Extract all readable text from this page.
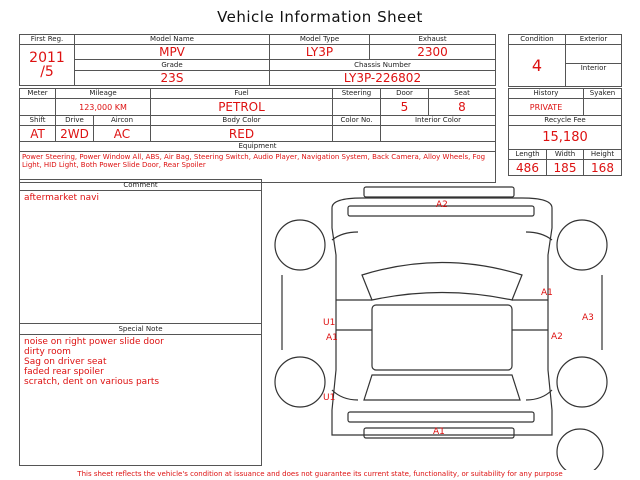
Vehicle Information Sheet
First Reg.	Model Name	Model Type	Exhaust

2011
/5	MPV	LY3P	2300
	Grade	Chassis Number	
	23S	LY3P-226802	
Condition	Exterior
4	
	Interior
Meter	Mileage		Fuel	Steering	Door	Seat
	123,000 KM		PETROL		5	8
Shift	Drive	Aircon	Body Color	Color No.	Interior Color	
AT	2WD	AC	RED			
Equipment						

Power Steering, Power Window All, ABS, Air Bag, Steering Switch, Audio Player, Navigation System, Back Camera, Alloy Wheels, Fog Light, HID Light, Both Power Slide Door, Rear Spoiler						
History		Syaken
PRIVATE		
Recycle Fee		
15,180		
Length	Width	Height
486	185	168
Comment
aftermarket navi
Special Note
noise on right power slide door
dirty room
Sag on driver seat
faded rear spoiler
scratch, dent on various parts
A2
A1
A3
A2
U1
A1
U1
A1
This sheet reflects the vehicle's condition at issuance and does not guarantee its current state, functionality, or suitability for any purpose
